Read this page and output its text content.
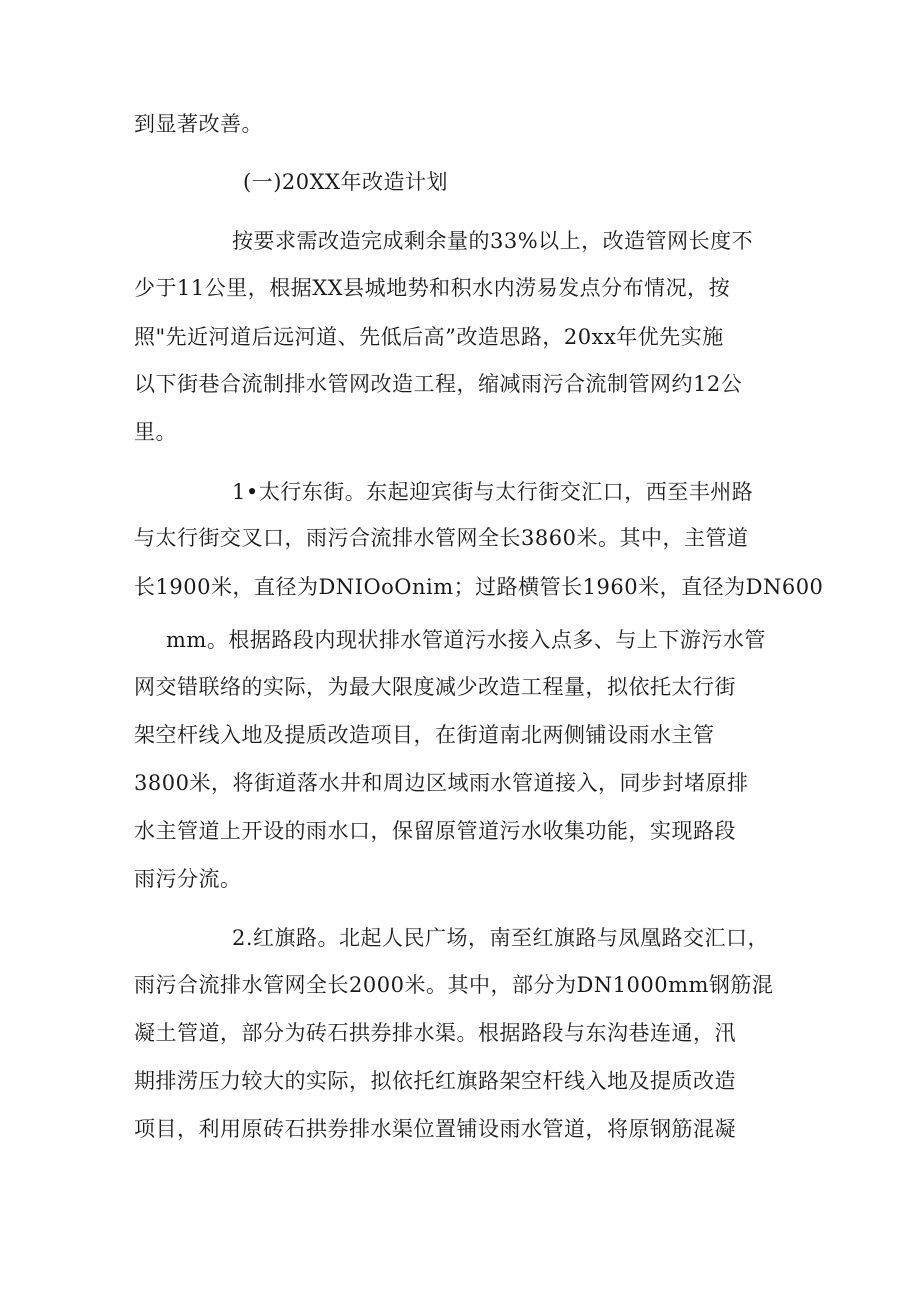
到显著改善。
(一)20XX年改造计划
按要求需改造完成剩余量的33%以上，改造管网长度不
少于11公里，根据XX县城地势和积水内涝易发点分布情况，按
照"先近河道后远河道、先低后高”改造思路，20xx年优先实施
以下街巷合流制排水管网改造工程，缩减雨污合流制管网约12公
里。
1•太行东街。东起迎宾街与太行街交汇口，西至丰州路
与太行街交叉口，雨污合流排水管网全长3860米。其中，主管道
长1900米，直径为DNIOoOnim；过路横管长1960米，直径为DN600
mm。根据路段内现状排水管道污水接入点多、与上下游污水管
网交错联络的实际，为最大限度减少改造工程量，拟依托太行街
架空杆线入地及提质改造项目，在街道南北两侧铺设雨水主管
3800米，将街道落水井和周边区域雨水管道接入，同步封堵原排
水主管道上开设的雨水口，保留原管道污水收集功能，实现路段
雨污分流。
2.红旗路。北起人民广场，南至红旗路与凤凰路交汇口，
雨污合流排水管网全长2000米。其中，部分为DN1000mm钢筋混
凝土管道，部分为砖石拱券排水渠。根据路段与东沟巷连通，汛
期排涝压力较大的实际，拟依托红旗路架空杆线入地及提质改造
项目，利用原砖石拱券排水渠位置铺设雨水管道，将原钢筋混凝
